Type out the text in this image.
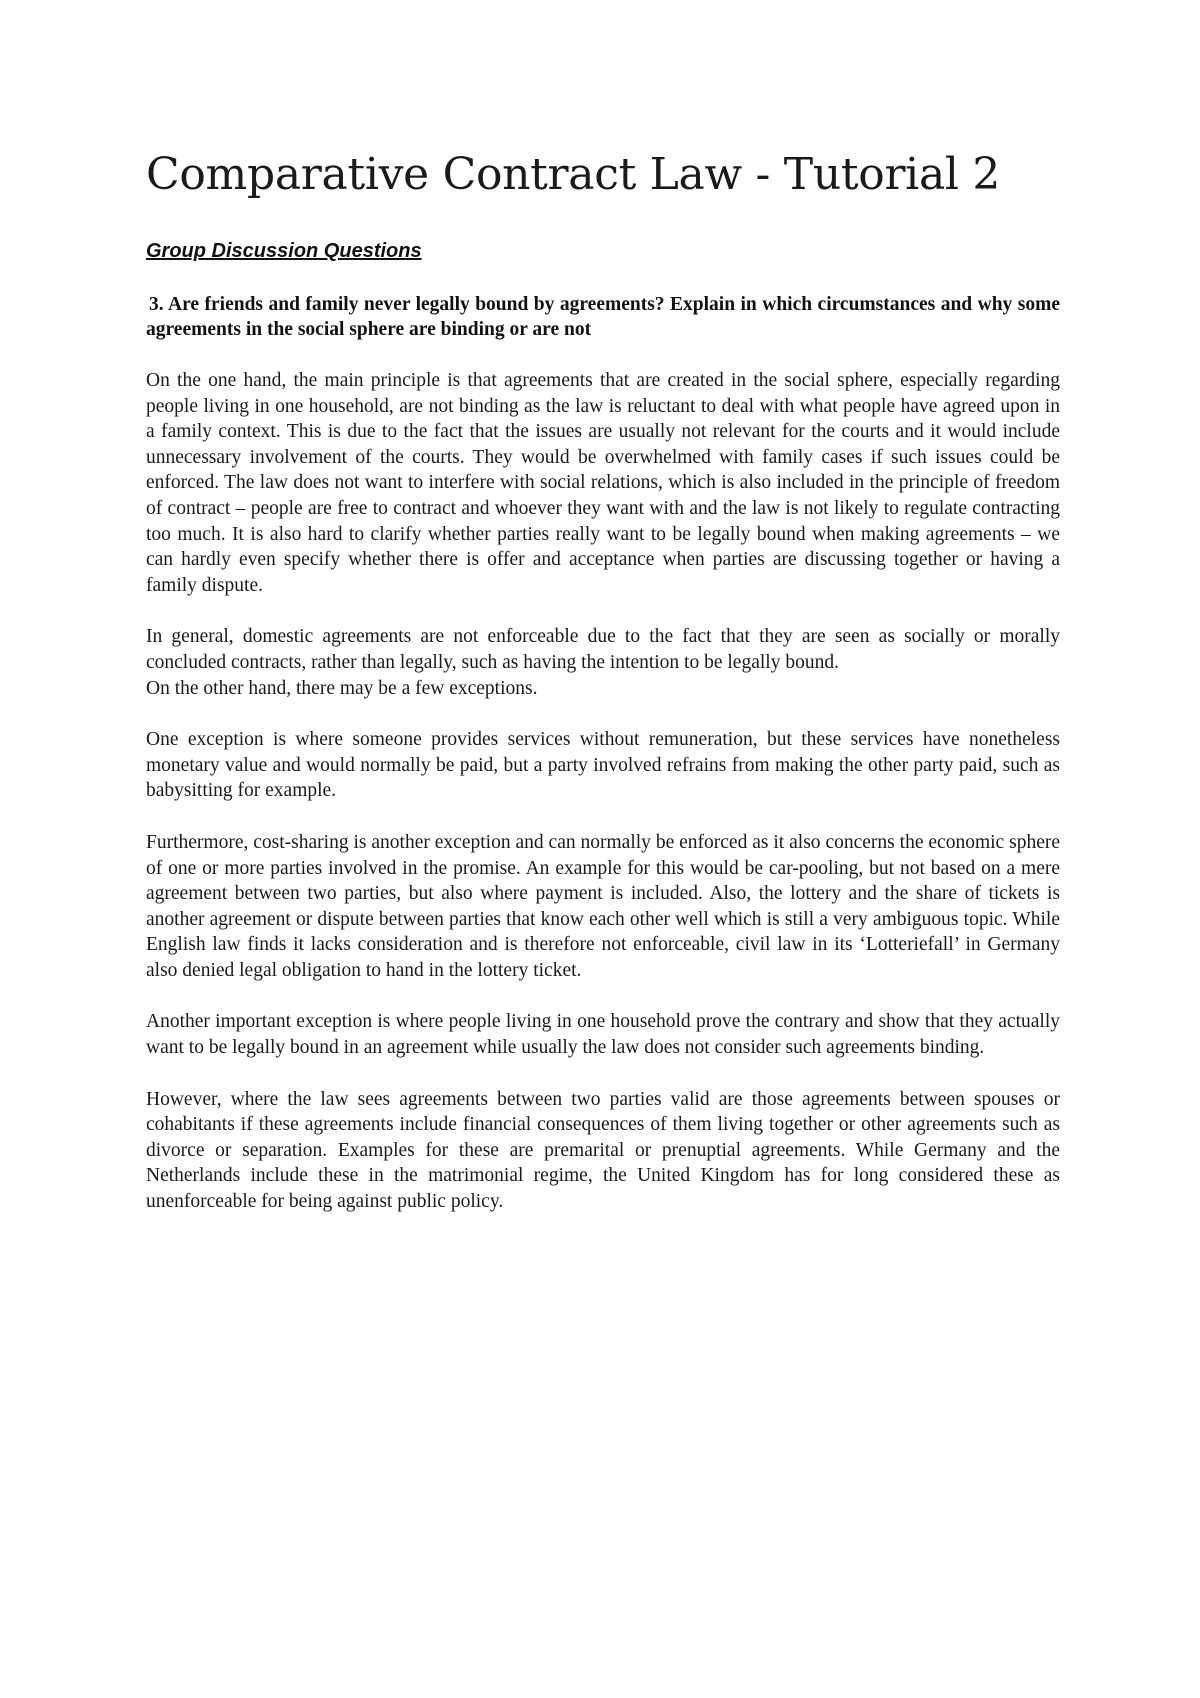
Comparative Contract Law - Tutorial 2
Group Discussion Questions
3. Are friends and family never legally bound by agreements? Explain in which circumstances and why some agreements in the social sphere are binding or are not

On the one hand, the main principle is that agreements that are created in the social sphere, especially regarding people living in one household, are not binding as the law is reluctant to deal with what people have agreed upon in a family context. This is due to the fact that the issues are usually not relevant for the courts and it would include unnecessary involvement of the courts. They would be overwhelmed with family cases if such issues could be enforced. The law does not want to interfere with social relations, which is also included in the principle of freedom of contract – people are free to contract and whoever they want with and the law is not likely to regulate contracting too much. It is also hard to clarify whether parties really want to be legally bound when making agreements – we can hardly even specify whether there is offer and acceptance when parties are discussing together or having a family dispute.

In general, domestic agreements are not enforceable due to the fact that they are seen as socially or morally concluded contracts, rather than legally, such as having the intention to be legally bound.

On the other hand, there may be a few exceptions.

One exception is where someone provides services without remuneration, but these services have nonetheless monetary value and would normally be paid, but a party involved refrains from making the other party paid, such as babysitting for example.

Furthermore, cost-sharing is another exception and can normally be enforced as it also concerns the economic sphere of one or more parties involved in the promise. An example for this would be car-pooling, but not based on a mere agreement between two parties, but also where payment is included. Also, the lottery and the share of tickets is another agreement or dispute between parties that know each other well which is still a very ambiguous topic. While English law finds it lacks consideration and is therefore not enforceable, civil law in its ‘Lotteriefall’ in Germany also denied legal obligation to hand in the lottery ticket.

Another important exception is where people living in one household prove the contrary and show that they actually want to be legally bound in an agreement while usually the law does not consider such agreements binding.

However, where the law sees agreements between two parties valid are those agreements between spouses or cohabitants if these agreements include financial consequences of them living together or other agreements such as divorce or separation. Examples for these are premarital or prenuptial agreements. While Germany and the Netherlands include these in the matrimonial regime, the United Kingdom has for long considered these as unenforceable for being against public policy.
